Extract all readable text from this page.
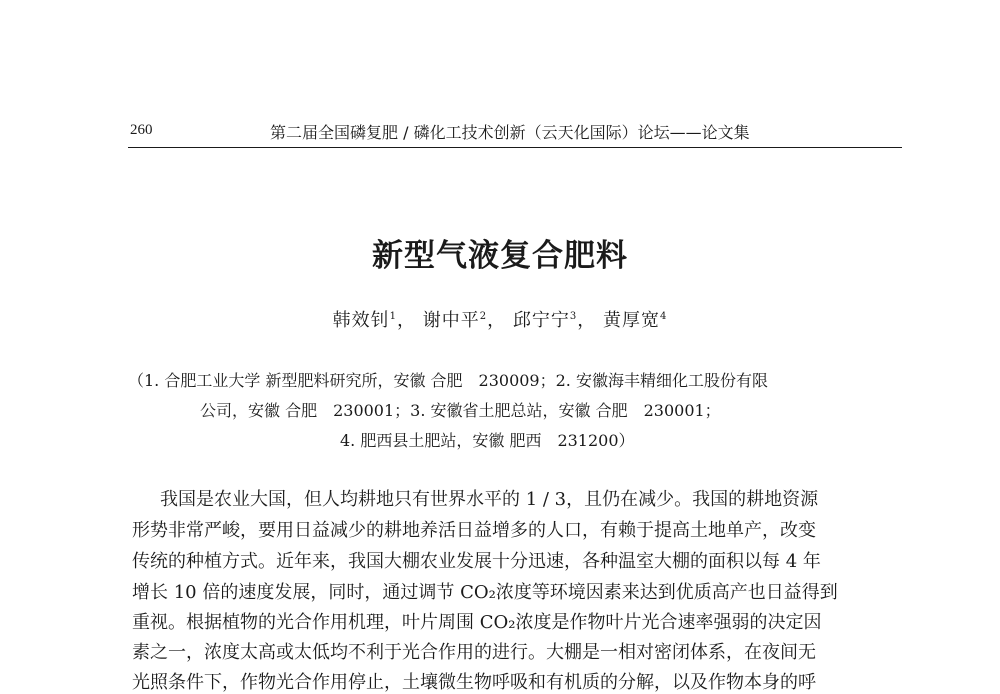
260	第二届全国磷复肥 / 磷化工技术创新（云天化国际）论坛——论文集
新型气液复合肥料
韩效钊$^1$， 谢中平$^2$， 邱宁宁$^3$， 黄厚宽$^4$
（1. 合肥工业大学 新型肥料研究所，安徽 合肥　230009；2. 安徽海丰精细化工股份有限
公司，安徽 合肥　230001；3. 安徽省土肥总站，安徽 合肥　230001；
4. 肥西县土肥站，安徽 肥西　231200）
我国是农业大国，但人均耕地只有世界水平的 1 / 3，且仍在减少。我国的耕地资源
形势非常严峻，要用日益减少的耕地养活日益增多的人口，有赖于提高土地单产，改变
传统的种植方式。近年来，我国大棚农业发展十分迅速，各种温室大棚的面积以每 4 年
增长 10 倍的速度发展，同时，通过调节 CO₂浓度等环境因素来达到优质高产也日益得到
重视。根据植物的光合作用机理，叶片周围 CO₂浓度是作物叶片光合速率强弱的决定因
素之一，浓度太高或太低均不利于光合作用的进行。大棚是一相对密闭体系，在夜间无
光照条件下，作物光合作用停止，土壤微生物呼吸和有机质的分解，以及作物本身的呼
